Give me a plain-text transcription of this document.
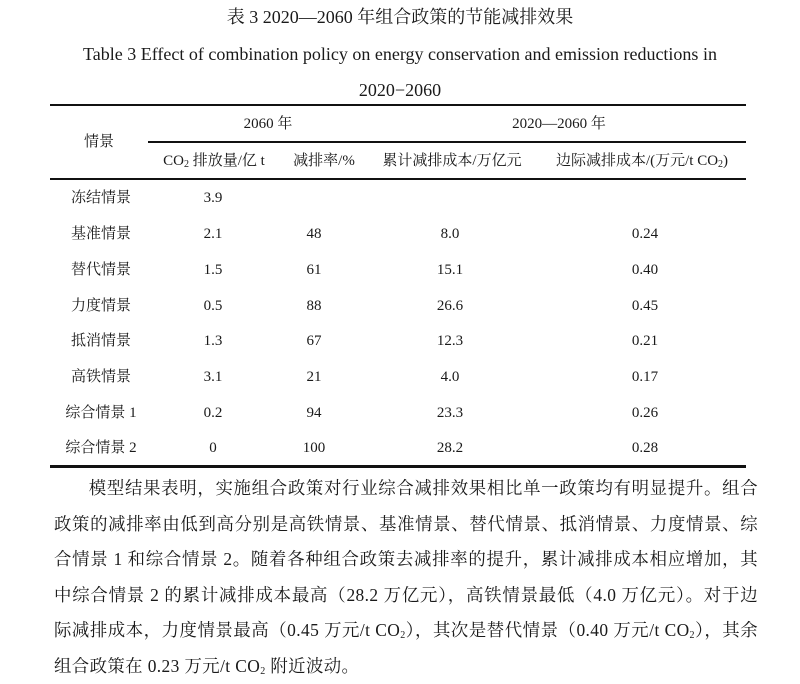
表 3 2020—2060 年组合政策的节能减排效果
Table 3 Effect of combination policy on energy conservation and emission reductions in
2020−2060
情景
2060 年	2020—2060 年
$CO_2$ 排放量/亿 t	减排率/%	累计减排成本/万亿元	边际减排成本/(万元/t $CO_2$)
冻结情景	3.9
基准情景	2.1	48	8.0	0.24
替代情景	1.5	61	15.1	0.40
力度情景	0.5	88	26.6	0.45
抵消情景	1.3	67	12.3	0.21
高铁情景	3.1	21	4.0	0.17
综合情景 1	0.2	94	23.3	0.26
综合情景 2	0	100	28.2	0.28
模型结果表明，实施组合政策对行业综合减排效果相比单一政策均有明显提升。组合政策的减排率由低到高分别是高铁情景、基准情景、替代情景、抵消情景、力度情景、综合情景 1 和综合情景 2。随着各种组合政策去减排率的提升，累计减排成本相应增加，其中综合情景 2 的累计减排成本最高（28.2 万亿元），高铁情景最低（4.0 万亿元）。对于边际减排成本，力度情景最高（0.45 万元/t $CO_2$），其次是替代情景（0.40 万元/t $CO_2$），其余组合政策在 0.23 万元/t $CO_2$ 附近波动。
